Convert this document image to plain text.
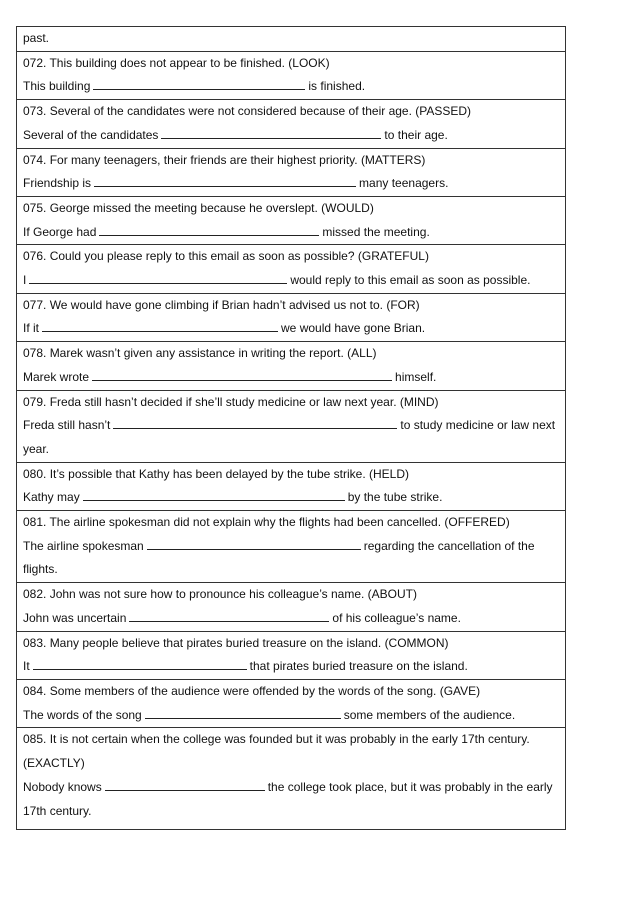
past.
072. This building does not appear to be finished. (LOOK)
This building	is finished.
073. Several of the candidates were not considered because of their age. (PASSED)
Several of the candidates	to their age.
074. For many teenagers, their friends are their highest priority. (MATTERS)
Friendship is	many teenagers.
075. George missed the meeting because he overslept. (WOULD)
If George had	missed the meeting.
076. Could you please reply to this email as soon as possible? (GRATEFUL)
I	would reply to this email as soon as possible.
077. We would have gone climbing if Brian hadn’t advised us not to. (FOR)
If it	we would have gone Brian.
078. Marek wasn’t given any assistance in writing the report. (ALL)
Marek wrote	himself.
079. Freda still hasn’t decided if she’ll study medicine or law next year. (MIND)
Freda still hasn’t	to study medicine or law next
year.
080. It’s possible that Kathy has been delayed by the tube strike. (HELD)
Kathy may	by the tube strike.
081. The airline spokesman did not explain why the flights had been cancelled. (OFFERED)
The airline spokesman	regarding the cancellation of the
flights.
082. John was not sure how to pronounce his colleague’s name. (ABOUT)
John was uncertain	of his colleague’s name.
083. Many people believe that pirates buried treasure on the island. (COMMON)
It	that pirates buried treasure on the island.
084. Some members of the audience were offended by the words of the song. (GAVE)
The words of the song	some members of the audience.
085. It is not certain when the college was founded but it was probably in the early 17th century.
(EXACTLY)
Nobody knows	the college took place, but it was probably in the early
17th century.
